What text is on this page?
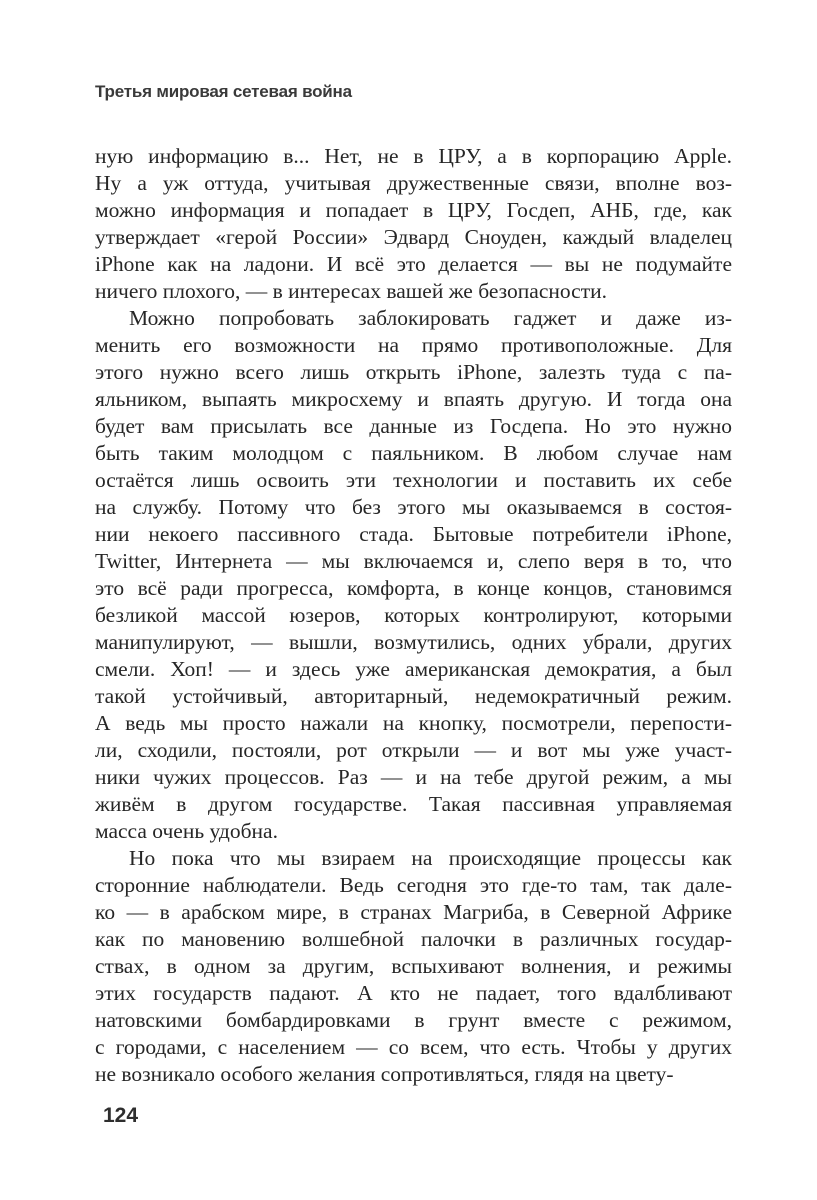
Третья мировая сетевая война
ную информацию в... Нет, не в ЦРУ, а в корпорацию Apple.
Ну а уж оттуда, учитывая дружественные связи, вполне воз-
можно информация и попадает в ЦРУ, Госдеп, АНБ, где, как
утверждает «герой России» Эдвард Сноуден, каждый владелец
iPhone как на ладони. И всё это делается — вы не подумайте
ничего плохого, — в интересах вашей же безопасности.
Можно попробовать заблокировать гаджет и даже из-
менить его возможности на прямо противоположные. Для
этого нужно всего лишь открыть iPhone, залезть туда с па-
яльником, выпаять микросхему и впаять другую. И тогда она
будет вам присылать все данные из Госдепа. Но это нужно
быть таким молодцом с паяльником. В любом случае нам
остаётся лишь освоить эти технологии и поставить их себе
на службу. Потому что без этого мы оказываемся в состоя-
нии некоего пассивного стада. Бытовые потребители iPhone,
Twitter, Интернета — мы включаемся и, слепо веря в то, что
это всё ради прогресса, комфорта, в конце концов, становимся
безликой массой юзеров, которых контролируют, которыми
манипулируют, — вышли, возмутились, одних убрали, других
смели. Хоп! — и здесь уже американская демократия, а был
такой устойчивый, авторитарный, недемократичный режим.
А ведь мы просто нажали на кнопку, посмотрели, перепости-
ли, сходили, постояли, рот открыли — и вот мы уже участ-
ники чужих процессов. Раз — и на тебе другой режим, а мы
живём в другом государстве. Такая пассивная управляемая
масса очень удобна.
Но пока что мы взираем на происходящие процессы как
сторонние наблюдатели. Ведь сегодня это где-то там, так дале-
ко — в арабском мире, в странах Магриба, в Северной Африке
как по мановению волшебной палочки в различных государ-
ствах, в одном за другим, вспыхивают волнения, и режимы
этих государств падают. А кто не падает, того вдалбливают
натовскими бомбардировками в грунт вместе с режимом,
с городами, с населением — со всем, что есть. Чтобы у других
не возникало особого желания сопротивляться, глядя на цвету-
124
